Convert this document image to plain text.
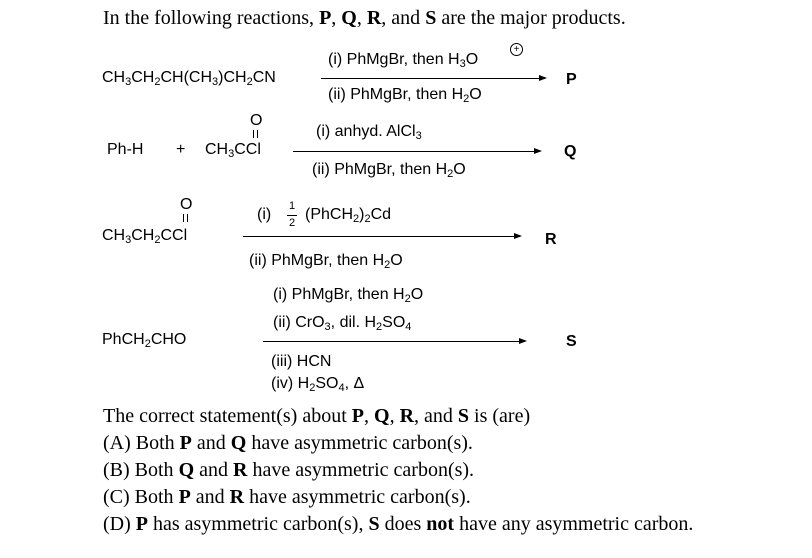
In the following reactions, P, Q, R, and S are the major products.
$CH_3CH_2CH(CH_3)CH_2CN$
(i) PhMgBr, then $H_3O$
+
(ii) PhMgBr, then $H_2O$
P
Ph-H +
O
$CH_3CCl$
(i) anhyd. AlCl$_3$
(ii) PhMgBr, then $H_2O$
Q
O
$CH_3CH_2CCl$
(i) 1
2 $(PhCH_2)_2Cd$
(ii) PhMgBr, then $H_2O$
R
(i) PhMgBr, then $H_2O$
(ii) CrO$_3$, dil. $H_2SO_4$
PhCH$_2$CHO	S
(iii) HCN
(iv) $H_2SO_4$, Δ
The correct statement(s) about P, Q, R, and S is (are)
(A) Both P and Q have asymmetric carbon(s).
(B) Both Q and R have asymmetric carbon(s).
(C) Both P and R have asymmetric carbon(s).
(D) P has asymmetric carbon(s), S does not have any asymmetric carbon.
